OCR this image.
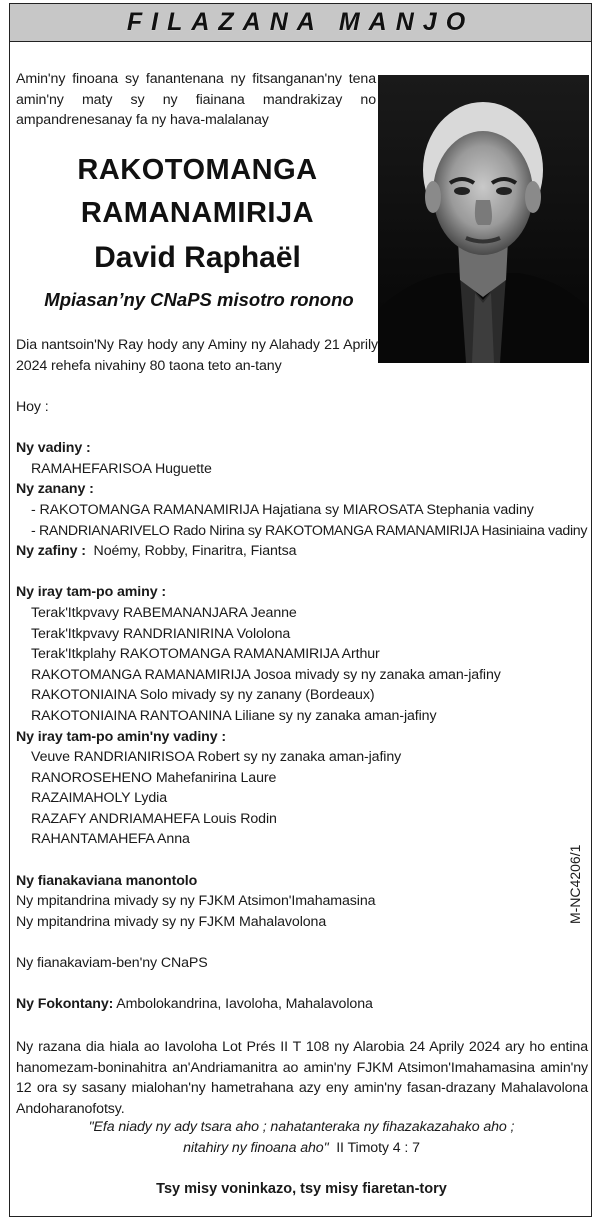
FILAZANA MANJO
Amin'ny finoana sy fanantenana ny fitsanganan'ny tena amin'ny maty sy ny fiainana mandrakizay no ampandrenesanay fa ny hava-malalanay
RAKOTOMANGA
RAMANAMIRIJA
David Raphaël
Mpiasan’ny CNaPS misotro ronono
Dia nantsoin'Ny Ray hody any Aminy ny Alahady 21 Aprily 2024 rehefa nivahiny 80 taona teto an-tany
Hoy :
Ny vadiny :
RAMAHEFARISOA Huguette
Ny zanany :
- RAKOTOMANGA RAMANAMIRIJA Hajatiana sy MIAROSATA Stephania vadiny
- RANDRIANARIVELO Rado Nirina sy RAKOTOMANGA RAMANAMIRIJA Hasiniaina vadiny
Ny zafiny : Noémy, Robby, Finaritra, Fiantsa
Ny iray tam-po aminy :
Terak'Itkpvavy RABEMANANJARA Jeanne
Terak'Itkpvavy RANDRIANIRINA Vololona
Terak'Itkplahy RAKOTOMANGA RAMANAMIRIJA Arthur
RAKOTOMANGA RAMANAMIRIJA Josoa mivady sy ny zanaka aman-jafiny
RAKOTONIAINA Solo mivady sy ny zanany (Bordeaux)
RAKOTONIAINA RANTOANINA Liliane sy ny zanaka aman-jafiny
Ny iray tam-po amin'ny vadiny :
Veuve RANDRIANIRISOA Robert sy ny zanaka aman-jafiny
RANOROSEHENO Mahefanirina Laure
RAZAIMAHOLY Lydia
RAZAFY ANDRIAMAHEFA Louis Rodin
RAHANTAMAHEFA Anna
Ny fianakaviana manontolo
Ny mpitandrina mivady sy ny FJKM Atsimon'Imahamasina
Ny mpitandrina mivady sy ny FJKM Mahalavolona
Ny fianakaviam-ben'ny CNaPS
Ny Fokontany: Ambolokandrina, Iavoloha, Mahalavolona
M-NC4206/1
Ny razana dia hiala ao Iavoloha Lot Prés II T 108 ny Alarobia 24 Aprily 2024 ary ho entina hanomezam-boninahitra an'Andriamanitra ao amin'ny FJKM Atsimon'Imahamasina amin'ny 12 ora sy sasany mialohan'ny hametrahana azy eny amin'ny fasan-drazany Mahalavolona Andoharanofotsy.
"Efa niady ny ady tsara aho ; nahatanteraka ny fihazakazahako aho ;
nitahiry ny finoana aho" II Timoty 4 : 7
Tsy misy voninkazo, tsy misy fiaretan-tory
